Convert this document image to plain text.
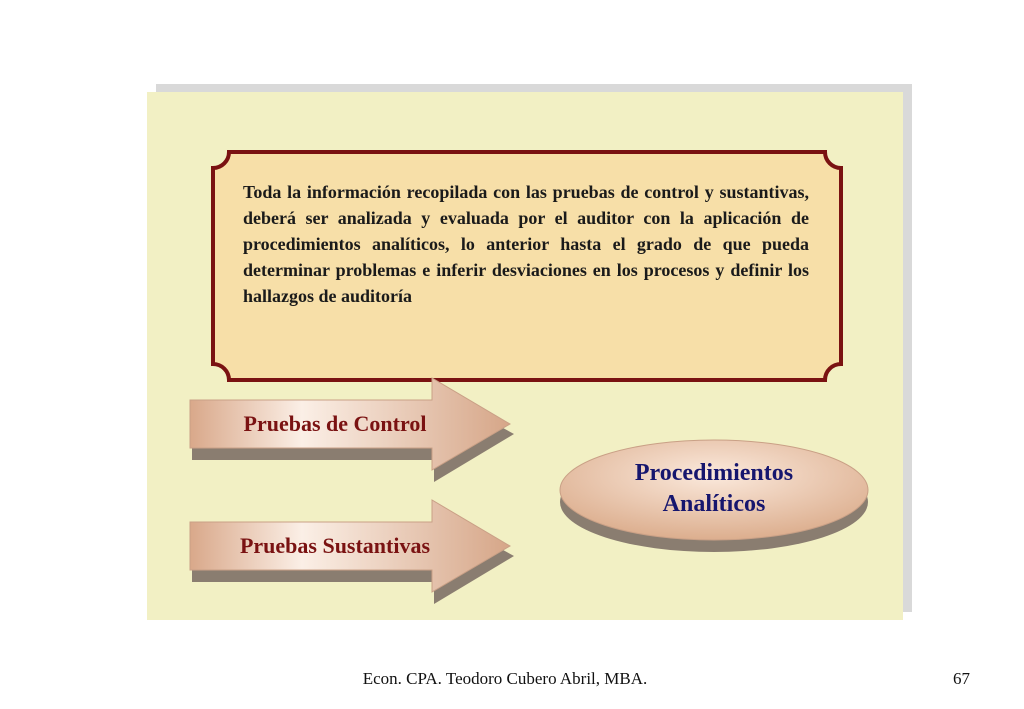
Toda la información recopilada con las pruebas de control y sustantivas, deberá ser analizada y evaluada por el auditor con la aplicación de procedimientos analíticos, lo anterior hasta el grado de que pueda determinar problemas e inferir desviaciones en los procesos y definir los hallazgos de auditoría

Pruebas de Control
Pruebas Sustantivas
Procedimientos
Analíticos
Econ. CPA. Teodoro Cubero Abril, MBA.	67
